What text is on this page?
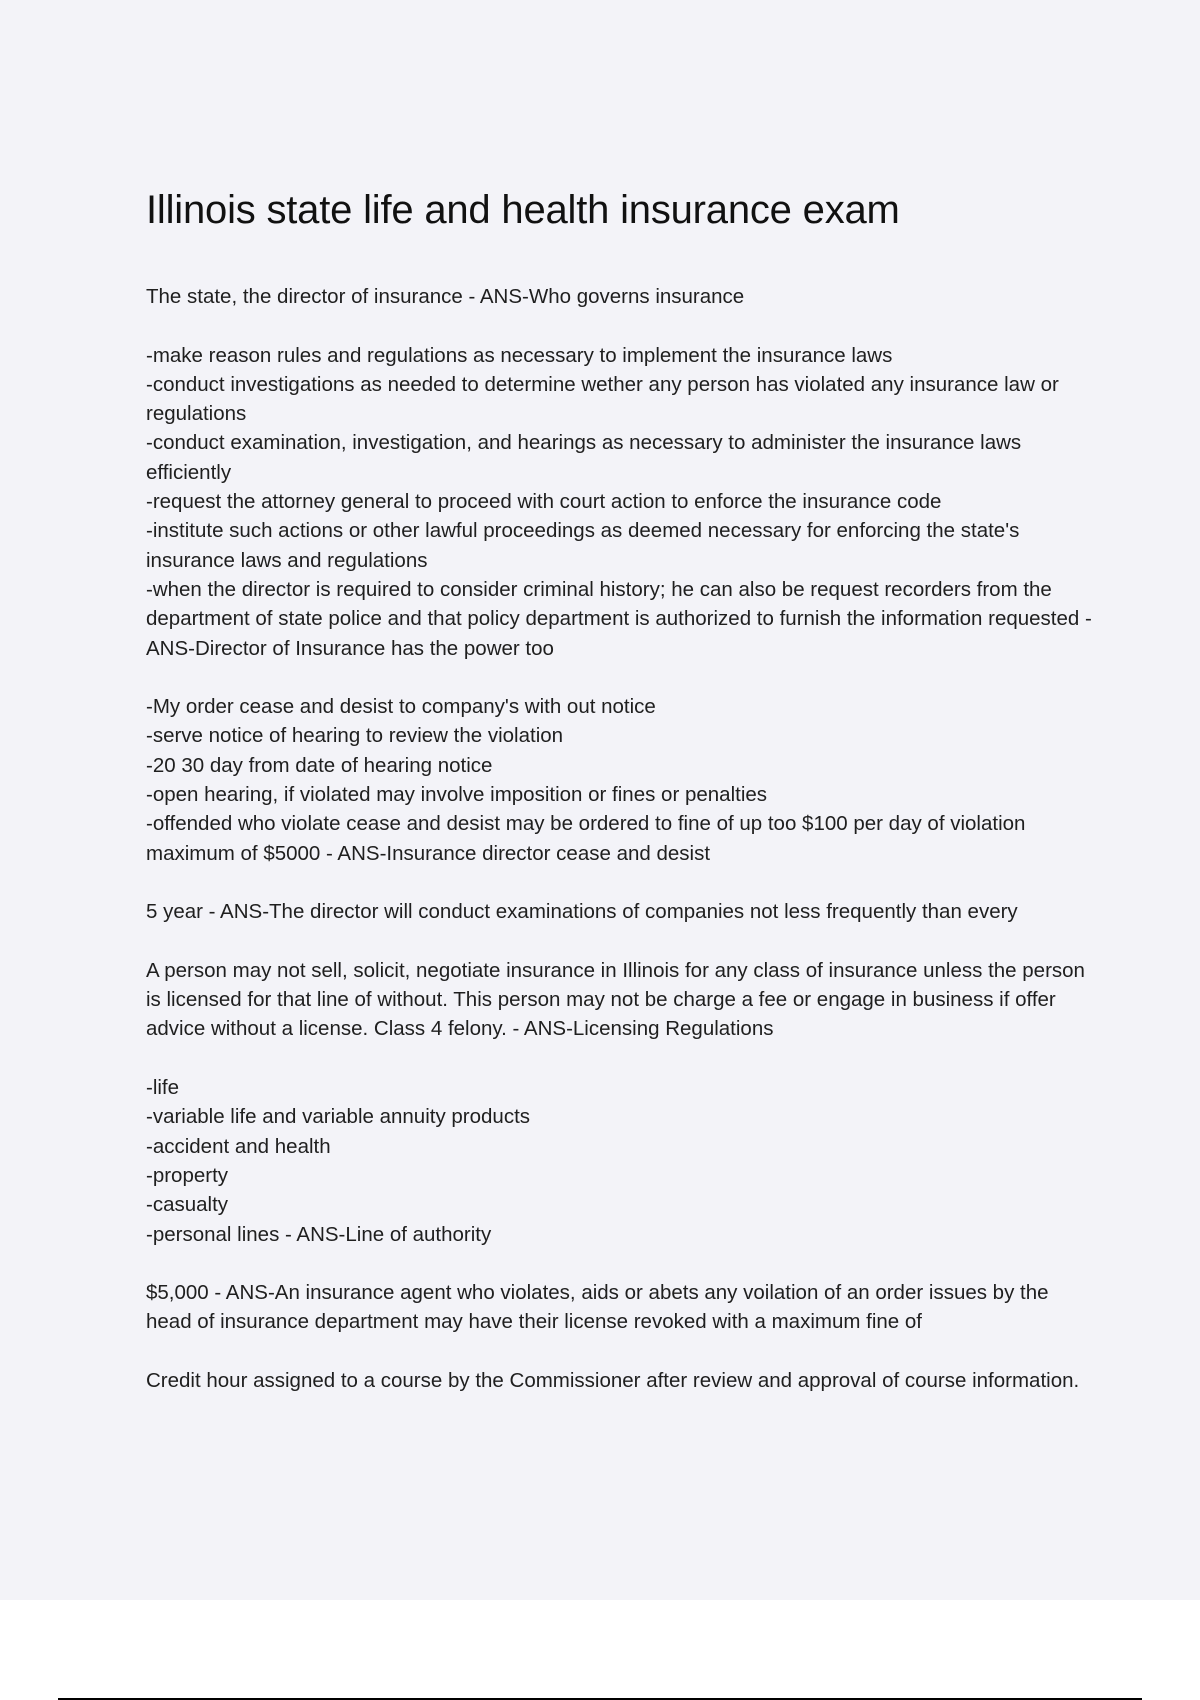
Illinois state life and health insurance exam
The state, the director of insurance - ANS-Who governs insurance
-make reason rules and regulations as necessary to implement the insurance laws
-conduct investigations as needed to determine wether any person has violated any insurance law or regulations
-conduct examination, investigation, and hearings as necessary to administer the insurance laws efficiently
-request the attorney general to proceed with court action to enforce the insurance code
-institute such actions or other lawful proceedings as deemed necessary for enforcing the state's insurance laws and regulations
-when the director is required to consider criminal history; he can also be request recorders from the department of state police and that policy department is authorized to furnish the information requested - ANS-Director of Insurance has the power too
-My order cease and desist to company's with out notice
-serve notice of hearing to review the violation
-20 30 day from date of hearing notice
-open hearing, if violated may involve imposition or fines or penalties
-offended who violate cease and desist may be ordered to fine of up too $100 per day of violation maximum of $5000 - ANS-Insurance director cease and desist
5 year - ANS-The director will conduct examinations of companies not less frequently than every
A person may not sell, solicit, negotiate insurance in Illinois for any class of insurance unless the person is licensed for that line of without. This person may not be charge a fee or engage in business if offer advice without a license. Class 4 felony. - ANS-Licensing Regulations
-life
-variable life and variable annuity products
-accident and health
-property
-casualty
-personal lines - ANS-Line of authority
$5,000 - ANS-An insurance agent who violates, aids or abets any voilation of an order issues by the head of insurance department may have their license revoked with a maximum fine of
Credit hour assigned to a course by the Commissioner after review and approval of course information.
